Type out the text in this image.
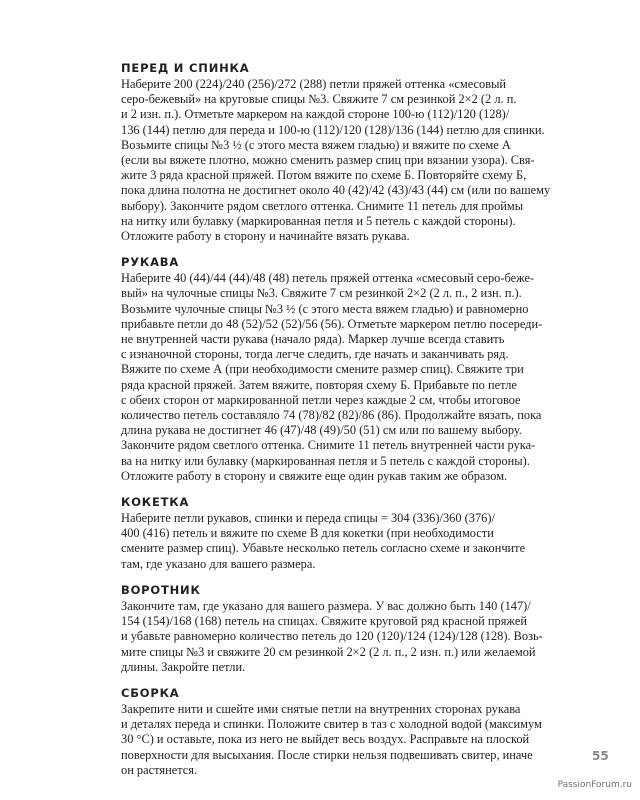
ПЕРЕД И СПИНКА

Наберите 200 (224)/240 (256)/272 (288) петли пряжей оттенка «смесовый

серо-бежевый» на круговые спицы №3. Свяжите 7 см резинкой 2×2 (2 л. п.

и 2 изн. п.). Отметьте маркером на каждой стороне 100-ю (112)/120 (128)/

136 (144) петлю для переда и 100-ю (112)/120 (128)/136 (144) петлю для спинки.

Возьмите спицы №3 ½ (с этого места вяжем гладью) и вяжите по схеме А

(если вы вяжете плотно, можно сменить размер спиц при вязании узора). Свя-

жите 3 ряда красной пряжей. Потом вяжите по схеме Б. Повторяйте схему Б,

пока длина полотна не достигнет около 40 (42)/42 (43)/43 (44) см (или по вашему

выбору). Закончите рядом светлого оттенка. Снимите 11 петель для проймы

на нитку или булавку (маркированная петля и 5 петель с каждой стороны).

Отложите работу в сторону и начинайте вязать рукава.

РУКАВА

Наберите 40 (44)/44 (44)/48 (48) петель пряжей оттенка «смесовый серо-беже-

вый» на чулочные спицы №3. Свяжите 7 см резинкой 2×2 (2 л. п., 2 изн. п.).

Возьмите чулочные спицы №3 ½ (с этого места вяжем гладью) и равномерно

прибавьте петли до 48 (52)/52 (52)/56 (56). Отметьте маркером петлю посереди-

не внутренней части рукава (начало ряда). Маркер лучше всегда ставить

с изнаночной стороны, тогда легче следить, где начать и заканчивать ряд.

Вяжите по схеме А (при необходимости смените размер спиц). Свяжите три

ряда красной пряжей. Затем вяжите, повторяя схему Б. Прибавьте по петле

с обеих сторон от маркированной петли через каждые 2 см, чтобы итоговое

количество петель составляло 74 (78)/82 (82)/86 (86). Продолжайте вязать, пока

длина рукава не достигнет 46 (47)/48 (49)/50 (51) см или по вашему выбору.

Закончите рядом светлого оттенка. Снимите 11 петель внутренней части рука-

ва на нитку или булавку (маркированная петля и 5 петель с каждой стороны).

Отложите работу в сторону и свяжите еще один рукав таким же образом.

КОКЕТКА

Наберите петли рукавов, спинки и переда спицы = 304 (336)/360 (376)/

400 (416) петель и вяжите по схеме В для кокетки (при необходимости

смените размер спиц). Убавьте несколько петель согласно схеме и закончите

там, где указано для вашего размера.

ВОРОТНИК

Закончите там, где указано для вашего размера. У вас должно быть 140 (147)/

154 (154)/168 (168) петель на спицах. Свяжите круговой ряд красной пряжей

и убавьте равномерно количество петель до 120 (120)/124 (124)/128 (128). Возь-

мите спицы №3 и свяжите 20 см резинкой 2×2 (2 л. п., 2 изн. п.) или желаемой

длины. Закройте петли.

СБОРКА

Закрепите нити и сшейте ими снятые петли на внутренних сторонах рукава

и деталях переда и спинки. Положите свитер в таз с холодной водой (максимум

30 °С) и оставьте, пока из него не выйдет весь воздух. Расправьте на плоской

поверхности для высыхания. После стирки нельзя подвешивать свитер, иначе

он растянется.

55
PassionForum.ru
